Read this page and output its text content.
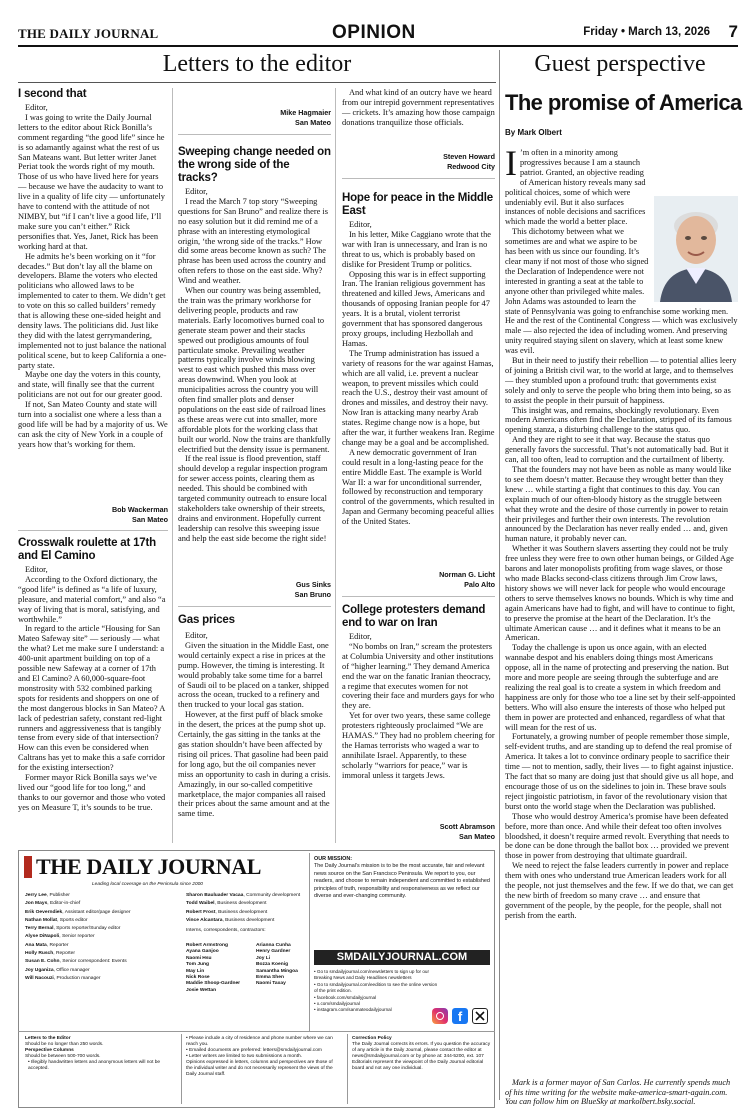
THE DAILY JOURNAL	OPINION	Friday • March 13, 2026 7
Letters to the editor	Guest perspective
I second that

Editor,

I was going to write the Daily Journal letters to the editor about Rick Bonilla’s comment regarding “the good life” since he is so adamantly against what the rest of us San Mateans want. But letter writer Janet Periat took the words right of my mouth. Those of us who have lived here for years — because we have the audacity to want to live in a quality of life city — unfortunately have to contend with the attitude of not NIMBY, but “if I can’t live a good life, I’ll make sure you can’t either.” Rick personifies that. Yes, Janet, Rick has been working hard at that.

He admits he’s been working on it “for decades.” But don’t lay all the blame on developers. Blame the voters who elected politicians who allowed laws to be implemented to cater to them. We didn’t get to vote on this so called builders’ remedy that is allowing these one-sided height and density laws. The politicians did. Just like they did with the latest gerrymandering, implemented not to just balance the national political scene, but to keep California a one-party state.

Maybe one day the voters in this county, and state, will finally see that the current politicians are not out for our greater good.

If not, San Mateo County and state will turn into a socialist one where a less than a good life will be had by a majority of us. We can ask the city of New York in a couple of years how that’s working for them.

Bob Wackerman
San Mateo
Crosswalk roulette at 17th and El Camino

Editor,

According to the Oxford dictionary, the “good life” is defined as “a life of luxury, pleasure, and material comfort,” and also “a way of living that is moral, satisfying, and worthwhile.”

In regard to the article “Housing for San Mateo Safeway site” — seriously — what the what? Let me make sure I understand: a 400-unit apartment building on top of a possible new Safeway at a corner of 17th and El Camino? A 60,000-square-foot monstrosity with 532 combined parking spots for residents and shoppers on one of the most dangerous blocks in San Mateo? A lack of pedestrian safety, constant red-light runners and aggressiveness that is tangibly tense from every side of that intersection? How can this even be considered when Caltrans has yet to make this a safe corridor for the existing intersection?

Former mayor Rick Bonilla says we’ve lived our “good life for too long,” and thanks to our governor and those who voted yes on Measure T, it’s sounds to be true.

Mike Hagmaier
San Mateo
Sweeping change needed on the wrong side of the tracks?

Editor,

I read the March 7 top story “Sweeping questions for San Bruno” and realize there is no easy solution but it did remind me of a phrase with an interesting etymological origin, ‘the wrong side of the tracks.” How did some areas become known as such? The phrase has been used across the country and often refers to those on the east side. Why? Wind and weather.

When our country was being assembled, the train was the primary workhorse for delivering people, products and raw materials. Early locomotives burned coal to generate steam power and their stacks spewed out prodigious amounts of foul particulate smoke. Prevailing weather patterns typically involve winds blowing west to east which pushed this mass over areas downwind. When you look at municipalities across the country you will often find smaller plots and denser populations on the east side of railroad lines as these areas were cut into smaller, more affordable plots for the working class that built our world. Now the trains are thankfully electrified but the density issue is permanent.

If the real issue is flood prevention, staff should develop a regular inspection program for sewer access points, clearing them as needed. This should be combined with targeted community outreach to ensure local stakeholders take ownership of their streets, drains and environment. Hopefully current leadership can resolve this sweeping issue and help the east side become the right side!

Gus Sinks
San Bruno
Gas prices

Editor,

Given the situation in the Middle East, one would certainly expect a rise in prices at the pump. However, the timing is interesting. It would probably take some time for a barrel of Saudi oil to be placed on a tanker, shipped across the ocean, trucked to a refinery and then trucked to your local gas station.

However, at the first puff of black smoke in the desert, the prices at the pump shot up. Certainly, the gas sitting in the tanks at the gas station shouldn’t have been affected by rising oil prices. That gasoline had been paid for long ago, but the oil companies never miss an opportunity to cash in during a crisis. Amazingly, in our so-called competitive marketplace, the major companies all raised their prices about the same amount and at the same time.

And what kind of an outcry have we heard from our intrepid government representatives — crickets. It’s amazing how those campaign donations tranquilize those officials.

Steven Howard
Redwood City
Hope for peace in the Middle East

Editor,

In his letter, Mike Caggiano wrote that the war with Iran is unnecessary, and Iran is no threat to us, which is probably based on dislike for President Trump or politics.

Opposing this war is in effect supporting Iran. The Iranian religious government has threatened and killed Jews, Americans and thousands of opposing Iranian people for 47 years. It is a brutal, violent terrorist government that has sponsored dangerous proxy groups, including Hezbollah and Hamas.

The Trump administration has issued a variety of reasons for the war against Hamas, which are all valid, i.e. prevent a nuclear weapon, to prevent missiles which could reach the U.S., destroy their vast amount of drones and missiles, and destroy their navy. Now Iran is attacking many nearby Arab states. Regime change now is a hope, but after the war, it further weakens Iran. Regime change may be a goal and be accomplished.

A new democratic government of Iran could result in a long-lasting peace for the entire Middle East. The example is World War II: a war for unconditional surrender, followed by reconstruction and temporary control of the governments, which resulted in Japan and Germany becoming peaceful allies of the United States.

Norman G. Licht
Palo Alto
College protesters demand end to war on Iran

Editor,

“No bombs on Iran,” scream the protesters at Columbia University and other institutions of “higher learning.” They demand America end the war on the fanatic Iranian theocracy, a regime that executes women for not covering their face and murders gays for who they are.

Yet for over two years, these same college protesters righteously proclaimed “We are HAMAS.” They had no problem cheering for the Hamas terrorists who waged a war to annihilate Israel. Apparently, to these scholarly “warriors for peace,” war is immoral unless it targets Jews.

Scott Abramson
San Mateo
THE DAILY JOURNAL
Leading local coverage on the Peninsula since 2000
Jerry Lee, Publisher
Jon Mays, Editor-in-chief
Erik Oeverndiek, Assistant editor/page designer
Nathan Mollat, Sports editor
Terry Bernal, Sports reporter/Sunday editor
Alyse DiNapoli, Senior reporter
Ana Mata, Reporter
Holly Rusch, Reporter
Susan E. Cohn, Senior correspondent: Events
Joy Uganiza, Office manager
Will Nacouzi, Production manager
Sharon Bauluader Vacaa, Community development
Todd Waibel, Business development
Robert Frost, Business development
Vince Alcantara, Business development
Interns, correspondents, contractors:
Robert Armstrong
Ayana Ganjoo
Naomi Hsu
Tom Jung
May Lin
Nick Rose
Maddie Shoop-Gardner
Josie Wettan
Arianna Cunha
Henry Gardner
Joy Li
Bozza Koenig
Samantha Mingoa
Emma Shen
Naomi Taxay
OUR MISSION:
The Daily Journal’s mission is to be the most accurate, fair and relevant news source on the San Francisco Peninsula. We report to you, our readers, and choose to remain independent and committed to established principles of truth, responsibility and responsiveness as we reflect our diverse and ever-changing community.
SMDAILYJOURNAL.COM
• Go to smdailyjournal.com/newsletters to sign up for our Breaking News and Daily Headlines newsletters
• Go to smdailyjournal.com/eedition to see the online version of the print edition.
• facebook.com/smdailyjournal
• x.com/smdailyjournal
• instagram.com/sanmateodailyjournal	f
Letters to the Editor
Should be no longer than 250 words.
Perspective Columns
Should be between 500-700 words.
• Illegibly handwritten letters and anonymous letters will not be accepted.
• Please include a city of residence and phone number where we can reach you.
• Emailed documents are preferred: letters@smdailyjournal.com
• Letter writers are limited to two submissions a month.
Opinions expressed in letters, columns and perspectives are those of the individual writer and do not necessarily represent the views of the Daily Journal staff.
Correction Policy
The Daily Journal corrects its errors. If you question the accuracy of any article in the Daily Journal, please contact the editor at news@smdailyjournal.com or by phone at: 344-5200, ext. 107
Editorials represent the viewpoint of the Daily Journal editorial board and not any one individual.
The promise of America
By Mark Olbert
I ’m often in a minority among progressives because I am a staunch patriot. Granted, an objective reading of American history reveals many sad political choices, some of which were undeniably evil. But it also surfaces instances of noble decisions and sacrifices which made the world a better place.
This dichotomy between what we sometimes are and what we aspire to be has been with us since our founding. It’s clear many if not most of those who signed the Declaration of Independence were not interested in granting a seat at the table to anyone other than privileged white males. John Adams was astounded to learn the state of Pennsylvania was going to enfranchise some working men. He and the rest of the Continental Congress — which was exclusively male — also rejected the idea of including women. And preserving unity required staying silent on slavery, which at least some knew was evil.
But in their need to justify their rebellion — to potential allies leery of joining a British civil war, to the world at large, and to themselves — they stumbled upon a profound truth: that governments exist solely and only to serve the people who bring them into being, so as to assist the people in their pursuit of happiness.
This insight was, and remains, shockingly revolutionary. Even modern Americans often find the Declaration, stripped of its famous opening stanza, a disturbing challenge to the status quo.
And they are right to see it that way. Because the status quo generally favors the successful. That’s not automatically bad. But it can, all too often, lead to corruption and the curtailment of liberty.
That the founders may not have been as noble as many would like to see them doesn’t matter. Because they wrought better than they knew … while starting a fight that continues to this day. You can explain much of our often-bloody history as the struggle between what they wrote and the desire of those currently in power to retain their privileges and further their own interests. The revolution announced by the Declaration has never really ended … and, given human nature, it probably never can.
Whether it was Southern slavers asserting they could not be truly free unless they were free to own other human beings, or Gilded Age barons and later monopolists profiting from wage slaves, or those who made Blacks second-class citizens through Jim Crow laws, history shows we will never lack for people who would encourage others to serve themselves knows no bounds. Which is why time and again Americans have had to fight, and will have to continue to fight, to preserve the promise at the heart of the Declaration. It’s the ultimate American cause … and it defines what it means to be an American.
Today the challenge is upon us once again, with an elected wannabe despot and his enablers doing things most Americans oppose, all in the name of protecting and preserving the nation. But more and more people are seeing through the subterfuge and are realizing the real goal is to create a system in which freedom and happiness are only for those who toe a line set by their self-appointed betters. Who will also ensure the interests of those who helped put them in power are protected and enhanced, regardless of what that will mean for the rest of us.
Fortunately, a growing number of people remember those simple, self-evident truths, and are standing up to defend the real promise of America. It takes a lot to convince ordinary people to sacrifice their time — not to mention, sadly, their lives — to fight against injustice. The fact that so many are doing just that should give us all hope, and encourage those of us on the sidelines to join in. These brave souls reject jingoistic patriotism, in favor of the revolutionary vision that burst onto the world stage when the Declaration was published.
Those who would destroy America’s promise have been defeated before, more than once. And while their defeat too often involves bloodshed, it doesn’t require armed revolt. Everything that needs to be done can be done through the ballot box … provided we prevent those in power from destroying that ultimate guardrail.
We need to reject the false leaders currently in power and replace them with ones who understand true American leaders work for all the people, not just themselves and the few. If we do that, we can get the new birth of freedom so many crave … and ensure that government of the people, by the people, for the people, shall not perish from the earth.
Mark is a former mayor of San Carlos. He currently spends much of his time writing for the website make-america-smart-again.com. You can follow him on BlueSky at markolbert.bsky.social.
